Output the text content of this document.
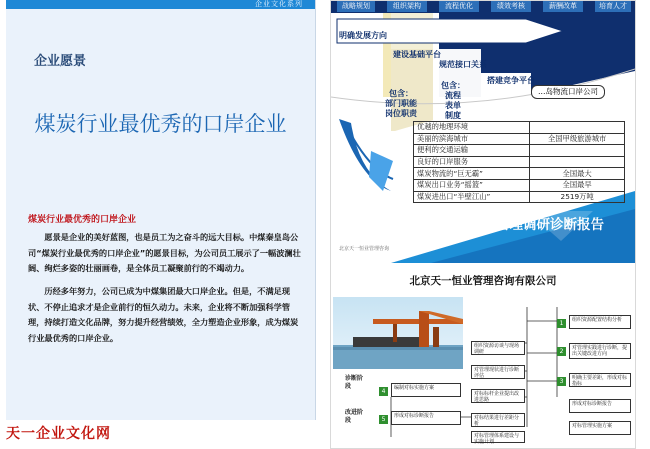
企业文化系列
企业愿景
煤炭行业最优秀的口岸企业
煤炭行业最优秀的口岸企业
愿景是企业的美好蓝图，也是员工为之奋斗的远大目标。中煤秦皇岛公司“煤炭行业最优秀的口岸企业”的愿景目标，为公司员工展示了一幅波澜壮阔、绚烂多姿的壮丽画卷，是全体员工凝聚前行的不竭动力。
历经多年努力，公司已成为中煤集团最大口岸企业。但是，不满足现状、不停止追求才是企业前行的恒久动力。未来，企业将不断加强科学管理，持续打造文化品牌，努力提升经营绩效，全力塑造企业形象，成为煤炭行业最优秀的口岸企业。
天一企业文化网
战略规划	组织架构	流程优化	绩效考核	薪酬改革	培育人才
明确发展方向
建设基础平台
规范接口关系
搭建竞争平台
包含：
部门职能
岗位职责
包含：
流程
表单
制度
…岛物流口岸公司
优越的地理环境	
美丽的滨海城市	全国甲级旅游城市
便利的交通运输	
良好的口岸服务	
煤炭物流的“巨无霸”	全国最大
煤炭出口业务“摇篮”	全国最早
煤炭进出口“半壁江山”	2519万吨
北京天一恒业管理咨询
…标管理调研诊断报告
北京天一恒业管理咨询有限公司
组织资源访谈与现场调研
对管理现状进行诊断评估
对标标杆企业提出改进思路
编制对标实施方案
形成对标诊断报告
组织资源配置结构分析
对管理实践进行诊断，提出关键改进方向
明确主要差距，形成对标指标
形成对标诊断报告
1
2
3
4
5
诊断阶段
改进阶段	对标结果进行差距分析
对标管理体系建设与实施计划
对标管理实施方案
